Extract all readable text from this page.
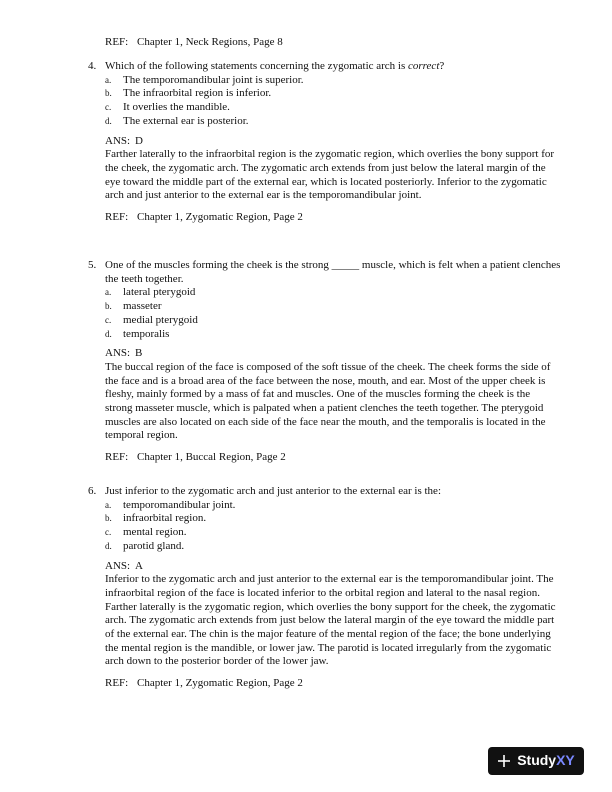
REF: Chapter 1, Neck Regions, Page 8
4. Which of the following statements concerning the zygomatic arch is correct?
a. The temporomandibular joint is superior.
b. The infraorbital region is inferior.
c. It overlies the mandible.
d. The external ear is posterior.
ANS: D
Farther laterally to the infraorbital region is the zygomatic region, which overlies the bony support for the cheek, the zygomatic arch. The zygomatic arch extends from just below the lateral margin of the eye toward the middle part of the external ear, which is located posteriorly. Inferior to the zygomatic arch and just anterior to the external ear is the temporomandibular joint.
REF: Chapter 1, Zygomatic Region, Page 2
5. One of the muscles forming the cheek is the strong _____ muscle, which is felt when a patient clenches the teeth together.
a. lateral pterygoid
b. masseter
c. medial pterygoid
d. temporalis
ANS: B
The buccal region of the face is composed of the soft tissue of the cheek. The cheek forms the side of the face and is a broad area of the face between the nose, mouth, and ear. Most of the upper cheek is fleshy, mainly formed by a mass of fat and muscles. One of the muscles forming the cheek is the strong masseter muscle, which is palpated when a patient clenches the teeth together. The pterygoid muscles are also located on each side of the face near the mouth, and the temporalis is located in the temporal region.
REF: Chapter 1, Buccal Region, Page 2
6. Just inferior to the zygomatic arch and just anterior to the external ear is the:
a. temporomandibular joint.
b. infraorbital region.
c. mental region.
d. parotid gland.
ANS: A
Inferior to the zygomatic arch and just anterior to the external ear is the temporomandibular joint. The infraorbital region of the face is located inferior to the orbital region and lateral to the nasal region. Farther laterally is the zygomatic region, which overlies the bony support for the cheek, the zygomatic arch. The zygomatic arch extends from just below the lateral margin of the eye toward the middle part of the external ear. The chin is the major feature of the mental region of the face; the bone underlying the mental region is the mandible, or lower jaw. The parotid is located irregularly from the zygomatic arch down to the posterior border of the lower jaw.
REF: Chapter 1, Zygomatic Region, Page 2
Study XY
